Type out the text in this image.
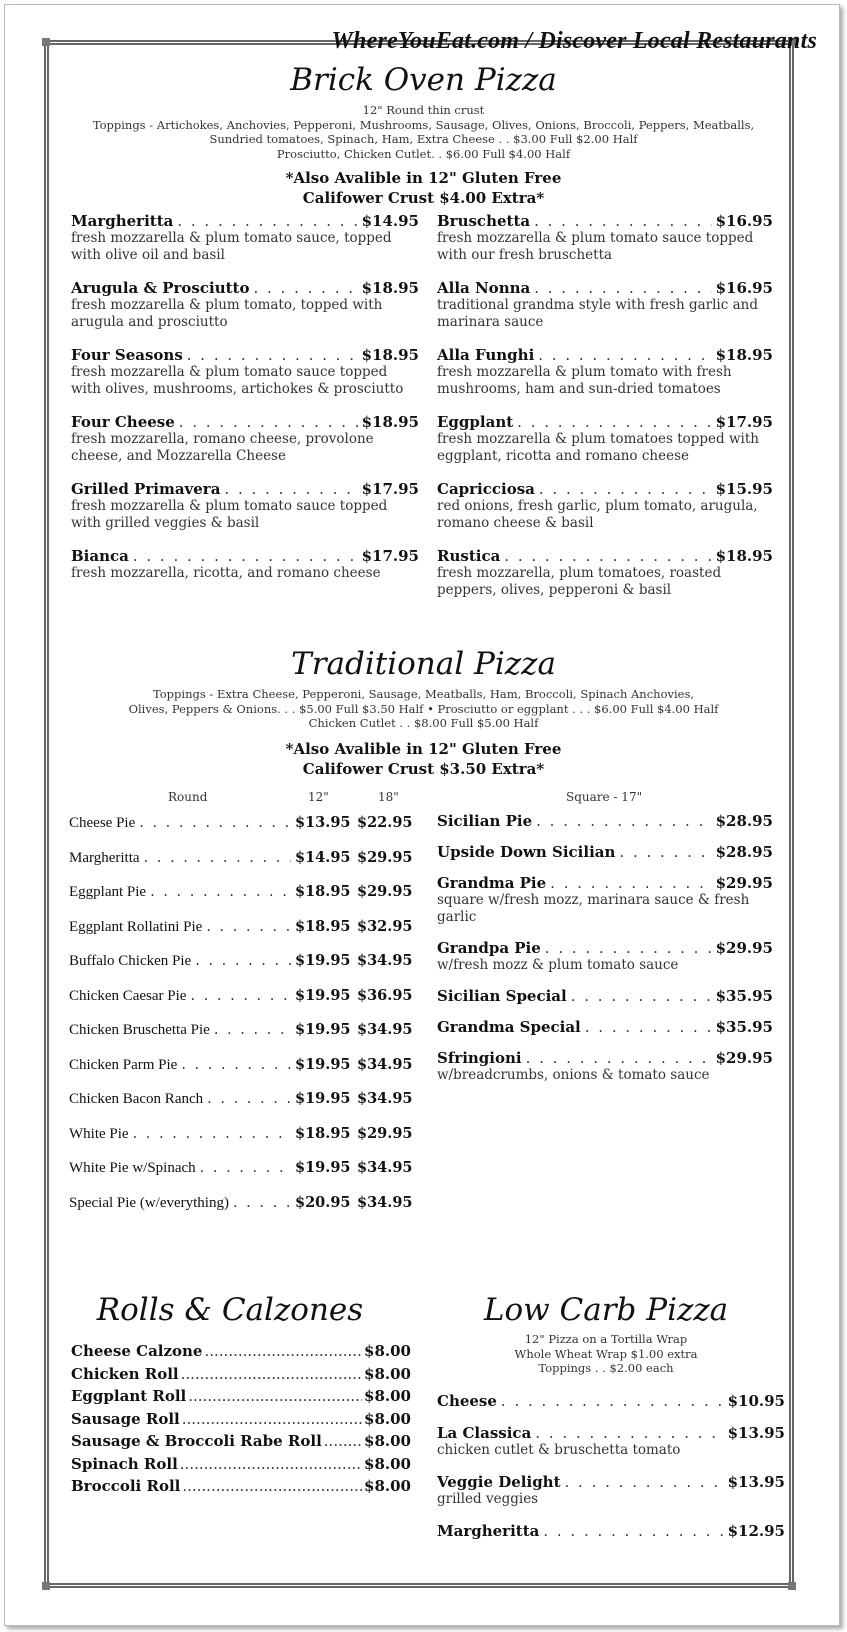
WhereYouEat.com / Discover Local Restaurants
Brick Oven Pizza
12" Round thin crust
Toppings - Artichokes, Anchovies, Pepperoni, Mushrooms, Sausage, Olives, Onions, Broccoli, Peppers, Meatballs,
Sundried tomatoes, Spinach, Ham, Extra Cheese . . $3.00 Full $2.00 Half
Prosciutto, Chicken Cutlet. . $6.00 Full $4.00 Half
*Also Avalible in 12" Gluten Free
Califower Crust $4.00 Extra*
Margheritta . . .	$14.95
fresh mozzarella & plum tomato sauce, topped with olive oil and basil
Arugula & Prosciutto . . .	$18.95
fresh mozzarella & plum tomato, topped with arugula and prosciutto
Four Seasons . . .	$18.95
fresh mozzarella & plum tomato sauce topped with olives, mushrooms, artichokes & prosciutto
Four Cheese . . .	$18.95
fresh mozzarella, romano cheese, provolone cheese, and Mozzarella Cheese
Grilled Primavera . . .	$17.95
fresh mozzarella & plum tomato sauce topped with grilled veggies & basil
Bianca . . .	$17.95
fresh mozzarella, ricotta, and romano cheese
Bruschetta . . .	$16.95
fresh mozzarella & plum tomato sauce topped with our fresh bruschetta
Alla Nonna . . .	$16.95
traditional grandma style with fresh garlic and marinara sauce
Alla Funghi . . .	$18.95
fresh mozzarella & plum tomato with fresh mushrooms, ham and sun-dried tomatoes
Eggplant . . .	$17.95
fresh mozzarella & plum tomatoes topped with eggplant, ricotta and romano cheese
Capricciosa . . .	$15.95
red onions, fresh garlic, plum tomato, arugula, romano cheese & basil
Rustica . . .	$18.95
fresh mozzarella, plum tomatoes, roasted peppers, olives, pepperoni & basil
Traditional Pizza
Toppings - Extra Cheese, Pepperoni, Sausage, Meatballs, Ham, Broccoli, Spinach Anchovies,
Olives, Peppers & Onions. . . $5.00 Full $3.50 Half • Prosciutto or eggplant . . . $6.00 Full $4.00 Half
Chicken Cutlet . . $8.00 Full $5.00 Half
*Also Avalible in 12" Gluten Free
Califower Crust $3.50 Extra*
Round	12"	18"	Square - 17"
Cheese Pie . . .	$13.95 $22.95
Margheritta . . .	$14.95 $29.95
Eggplant Pie . . .	$18.95 $29.95
Eggplant Rollatini Pie . . .	$18.95 $32.95
Buffalo Chicken Pie . . .	$19.95 $34.95
Chicken Caesar Pie . . .	$19.95 $36.95
Chicken Bruschetta Pie . . .	$19.95 $34.95
Chicken Parm Pie . . .	$19.95 $34.95
Chicken Bacon Ranch . . .	$19.95 $34.95
White Pie . . .	$18.95 $29.95
White Pie w/Spinach . . .	$19.95 $34.95
Special Pie (w/everything) . . .	$20.95 $34.95
Sicilian Pie . . .	$28.95
Upside Down Sicilian . . .	$28.95
Grandma Pie . . .	$29.95
square w/fresh mozz, marinara sauce & fresh garlic
Grandpa Pie . . .	$29.95
w/fresh mozz & plum tomato sauce
Sicilian Special . . .	$35.95
Grandma Special . . .	$35.95
Sfringioni . . .	$29.95
w/breadcrumbs, onions & tomato sauce
Rolls & Calzones
Cheese Calzone .....	$8.00
Chicken Roll .....	$8.00
Eggplant Roll .....	$8.00
Sausage Roll .....	$8.00
Sausage & Broccoli Rabe Roll .....	$8.00
Spinach Roll .....	$8.00
Broccoli Roll .....	$8.00
Low Carb Pizza
12" Pizza on a Tortilla Wrap
Whole Wheat Wrap $1.00 extra
Toppings . . $2.00 each
Cheese . . .	$10.95
La Classica . . .	$13.95
chicken cutlet & bruschetta tomato
Veggie Delight . . .	$13.95
grilled veggies
Margheritta . . .	$12.95
